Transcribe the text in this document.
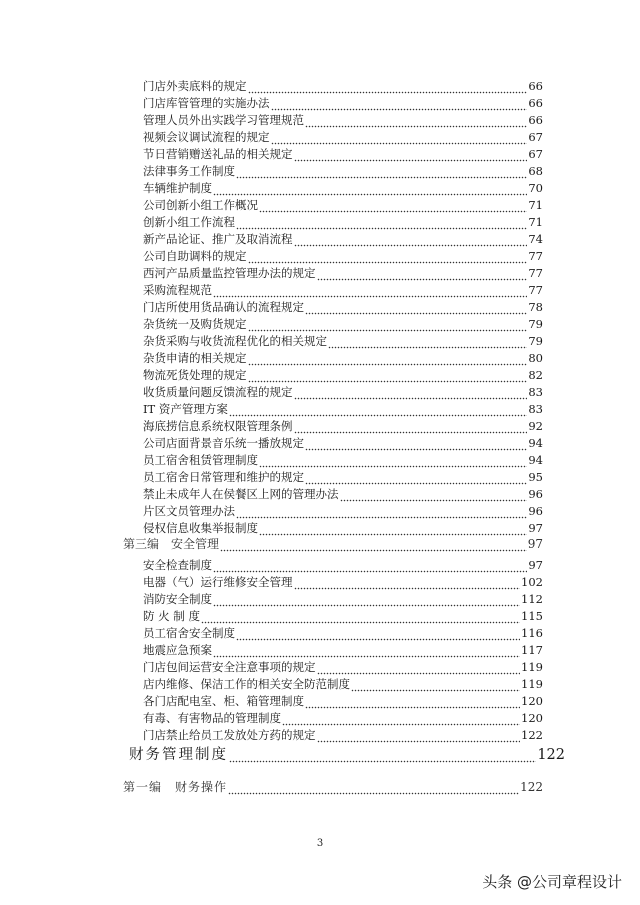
门店外卖底料的规定	66
门店库管管理的实施办法	66
管理人员外出实践学习管理规范	66
视频会议调试流程的规定	67
节日营销赠送礼品的相关规定	67
法律事务工作制度	68
车辆维护制度	70
公司创新小组工作概况	71
创新小组工作流程	71
新产品论证、推广及取消流程	74
公司自助调料的规定	77
西河产品质量监控管理办法的规定	77
采购流程规范	77
门店所使用货品确认的流程规定	78
杂货统一及购货规定	79
杂货采购与收货流程优化的相关规定	79
杂货申请的相关规定	80
物流死货处理的规定	82
收货质量问题反馈流程的规定	83
IT 资产管理方案	83
海底捞信息系统权限管理条例	92
公司店面背景音乐统一播放规定	94
员工宿舍租赁管理制度	94
员工宿舍日常管理和维护的规定	95
禁止未成年人在侯餐区上网的管理办法	96
片区文员管理办法	96
侵权信息收集举报制度	97
第三编　安全管理	97
安全检查制度	97
电器（气）运行维修安全管理	102
消防安全制度	112
防 火 制 度	115
员工宿舍安全制度	116
地震应急预案	117
门店包间运营安全注意事项的规定	119
店内维修、保洁工作的相关安全防范制度	119
各门店配电室、柜、箱管理制度	120
有毒、有害物品的管理制度	120
门店禁止给员工发放处方药的规定	122
财务管理制度	122
第一编　财务操作	122
3
头条 @公司章程设计
